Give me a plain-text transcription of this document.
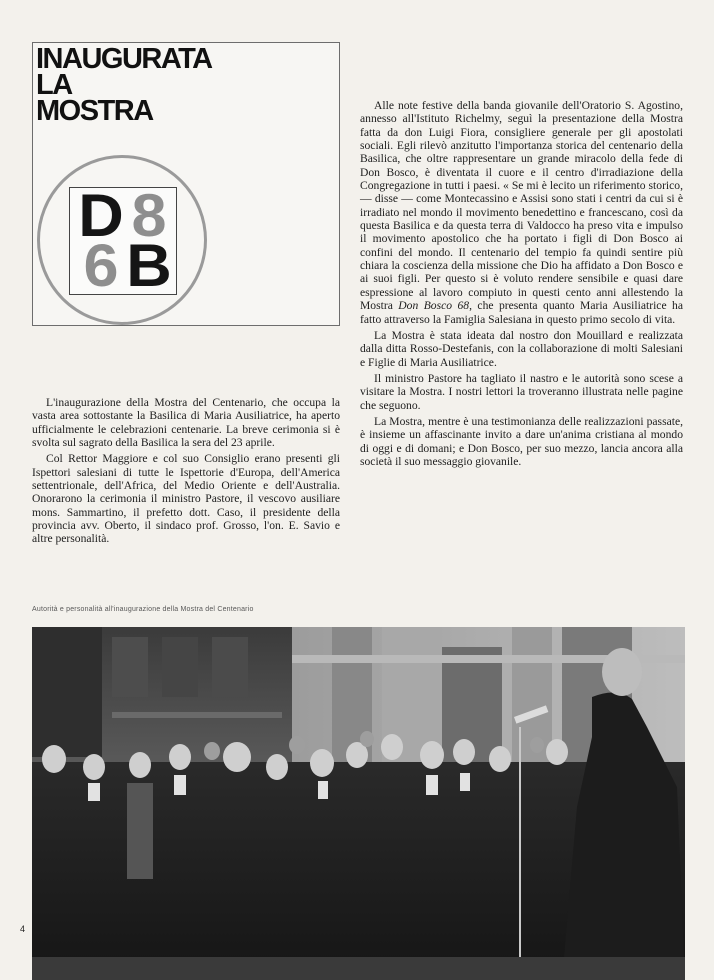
INAUGURATA
LA
MOSTRA
D 8
6 B

Alle note festive della banda giovanile dell'Oratorio S. Agostino, annesso all'Istituto Richelmy, seguì la presentazione della Mostra fatta da don Luigi Fiora, consigliere generale per gli apostolati sociali. Egli rilevò anzitutto l'importanza storica del centenario della Basilica, che oltre rappresentare un grande miracolo della fede di Don Bosco, è diventata il cuore e il centro d'irradiazione della Congregazione in tutti i paesi. « Se mi è lecito un riferimento storico, — disse — come Montecassino e Assisi sono stati i centri da cui si è irradiato nel mondo il movimento benedettino e francescano, così da questa Basilica e da questa terra di Valdocco ha preso vita e impulso il movimento apostolico che ha portato i figli di Don Bosco ai confini del mondo. Il centenario del tempio fa quindi sentire più chiara la coscienza della missione che Dio ha affidato a Don Bosco e ai suoi figli. Per questo si è voluto rendere sensibile e quasi dare espressione al lavoro compiuto in questi cento anni allestendo la Mostra Don Bosco 68, che presenta quanto Maria Ausiliatrice ha fatto attraverso la Famiglia Salesiana in questo primo secolo di vita.

La Mostra è stata ideata dal nostro don Mouillard e realizzata dalla ditta Rosso-Destefanis, con la collaborazione di molti Salesiani e Figlie di Maria Ausiliatrice.

Il ministro Pastore ha tagliato il nastro e le autorità sono scese a visitare la Mostra. I nostri lettori la troveranno illustrata nelle pagine che seguono.

La Mostra, mentre è una testimonianza delle realizzazioni passate, è insieme un affascinante invito a dare un'anima cristiana al mondo di oggi e di domani; e Don Bosco, per suo mezzo, lancia ancora alla società il suo messaggio giovanile.

L'inaugurazione della Mostra del Centenario, che occupa la vasta area sottostante la Basilica di Maria Ausiliatrice, ha aperto ufficialmente le celebrazioni centenarie. La breve cerimonia si è svolta sul sagrato della Basilica la sera del 23 aprile.

Col Rettor Maggiore e col suo Consiglio erano presenti gli Ispettori salesiani di tutte le Ispettorie d'Europa, dell'America settentrionale, dell'Africa, del Medio Oriente e dell'Australia. Onorarono la cerimonia il ministro Pastore, il vescovo ausiliare mons. Sammartino, il prefetto dott. Caso, il presidente della provincia avv. Oberto, il sindaco prof. Grosso, l'on. E. Savio e altre personalità.

Autorità e personalità all'inaugurazione della Mostra del Centenario

4
